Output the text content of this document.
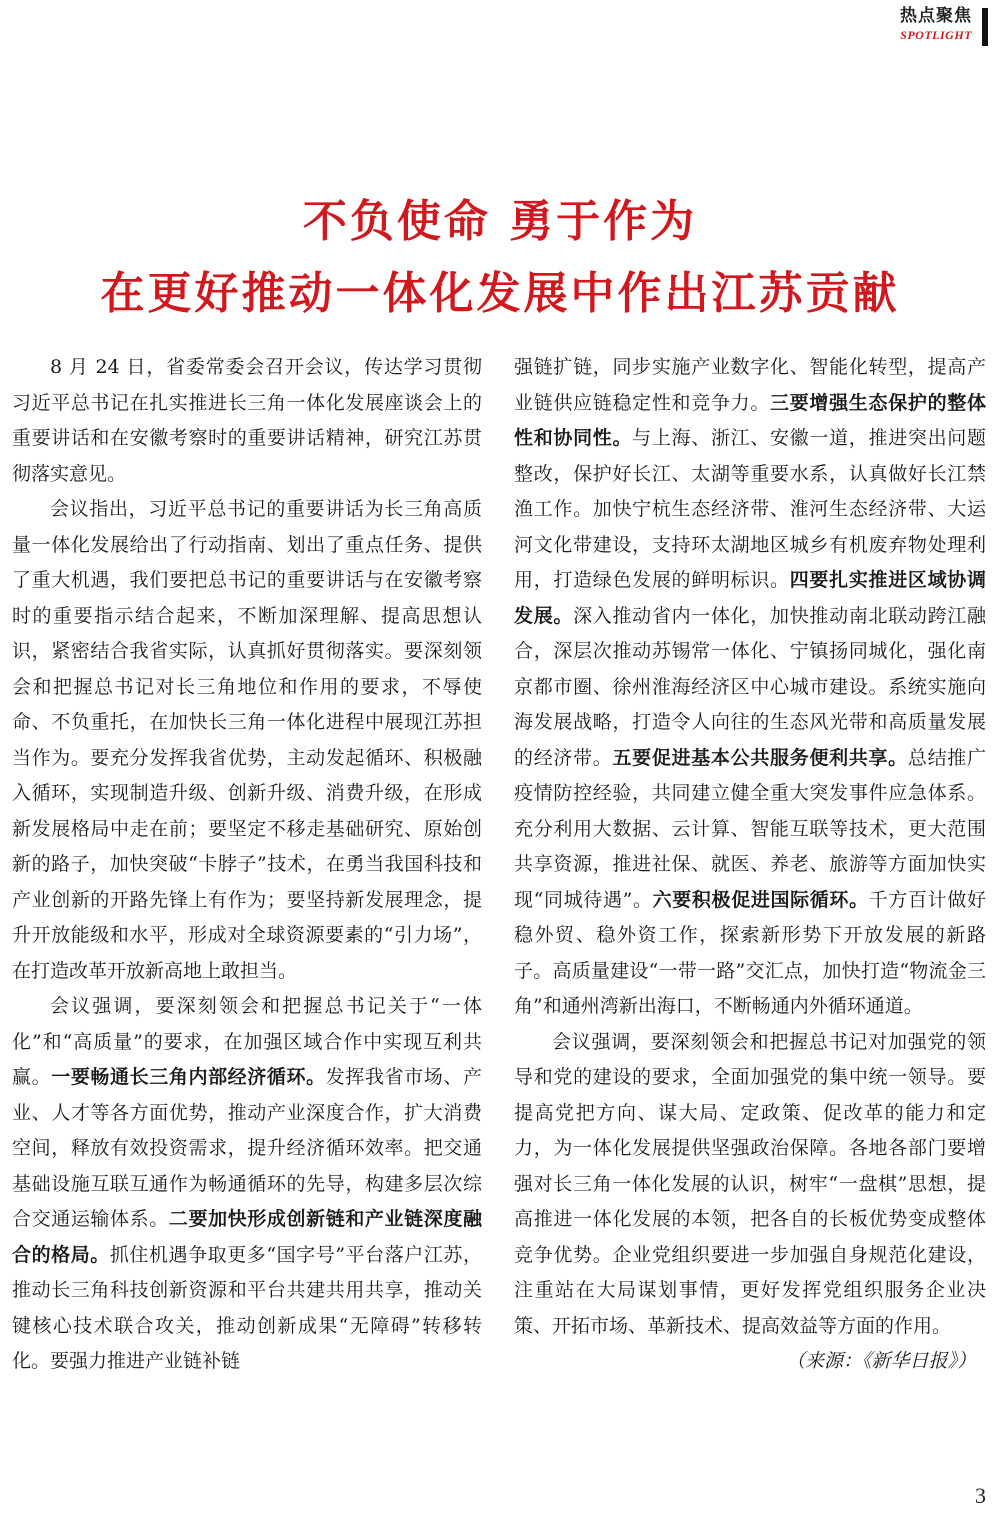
热点聚焦
SPOTLIGHT
不负使命 勇于作为
在更好推动一体化发展中作出江苏贡献

8 月 24 日，省委常委会召开会议，传达学习贯彻习近平总书记在扎实推进长三角一体化发展座谈会上的重要讲话和在安徽考察时的重要讲话精神，研究江苏贯彻落实意见。

会议指出，习近平总书记的重要讲话为长三角高质量一体化发展给出了行动指南、划出了重点任务、提供了重大机遇，我们要把总书记的重要讲话与在安徽考察时的重要指示结合起来，不断加深理解、提高思想认识，紧密结合我省实际，认真抓好贯彻落实。要深刻领会和把握总书记对长三角地位和作用的要求，不辱使命、不负重托，在加快长三角一体化进程中展现江苏担当作为。要充分发挥我省优势，主动发起循环、积极融入循环，实现制造升级、创新升级、消费升级，在形成新发展格局中走在前；要坚定不移走基础研究、原始创新的路子，加快突破“卡脖子”技术，在勇当我国科技和产业创新的开路先锋上有作为；要坚持新发展理念，提升开放能级和水平，形成对全球资源要素的“引力场”，在打造改革开放新高地上敢担当。

会议强调，要深刻领会和把握总书记关于“一体化”和“高质量”的要求，在加强区域合作中实现互利共赢。一要畅通长三角内部经济循环。发挥我省市场、产业、人才等各方面优势，推动产业深度合作，扩大消费空间，释放有效投资需求，提升经济循环效率。把交通基础设施互联互通作为畅通循环的先导，构建多层次综合交通运输体系。二要加快形成创新链和产业链深度融合的格局。抓住机遇争取更多“国字号”平台落户江苏，推动长三角科技创新资源和平台共建共用共享，推动关键核心技术联合攻关，推动创新成果“无障碍”转移转化。要强力推进产业链补链

强链扩链，同步实施产业数字化、智能化转型，提高产业链供应链稳定性和竞争力。三要增强生态保护的整体性和协同性。与上海、浙江、安徽一道，推进突出问题整改，保护好长江、太湖等重要水系，认真做好长江禁渔工作。加快宁杭生态经济带、淮河生态经济带、大运河文化带建设，支持环太湖地区城乡有机废弃物处理利用，打造绿色发展的鲜明标识。四要扎实推进区域协调发展。深入推动省内一体化，加快推动南北联动跨江融合，深层次推动苏锡常一体化、宁镇扬同城化，强化南京都市圈、徐州淮海经济区中心城市建设。系统实施向海发展战略，打造令人向往的生态风光带和高质量发展的经济带。五要促进基本公共服务便利共享。总结推广疫情防控经验，共同建立健全重大突发事件应急体系。充分利用大数据、云计算、智能互联等技术，更大范围共享资源，推进社保、就医、养老、旅游等方面加快实现“同城待遇”。六要积极促进国际循环。千方百计做好稳外贸、稳外资工作，探索新形势下开放发展的新路子。高质量建设“一带一路”交汇点，加快打造“物流金三角”和通州湾新出海口，不断畅通内外循环通道。

会议强调，要深刻领会和把握总书记对加强党的领导和党的建设的要求，全面加强党的集中统一领导。要提高党把方向、谋大局、定政策、促改革的能力和定力，为一体化发展提供坚强政治保障。各地各部门要增强对长三角一体化发展的认识，树牢“一盘棋”思想，提高推进一体化发展的本领，把各自的长板优势变成整体竞争优势。企业党组织要进一步加强自身规范化建设，注重站在大局谋划事情，更好发挥党组织服务企业决策、开拓市场、革新技术、提高效益等方面的作用。
（来源：《新华日报》）

3
